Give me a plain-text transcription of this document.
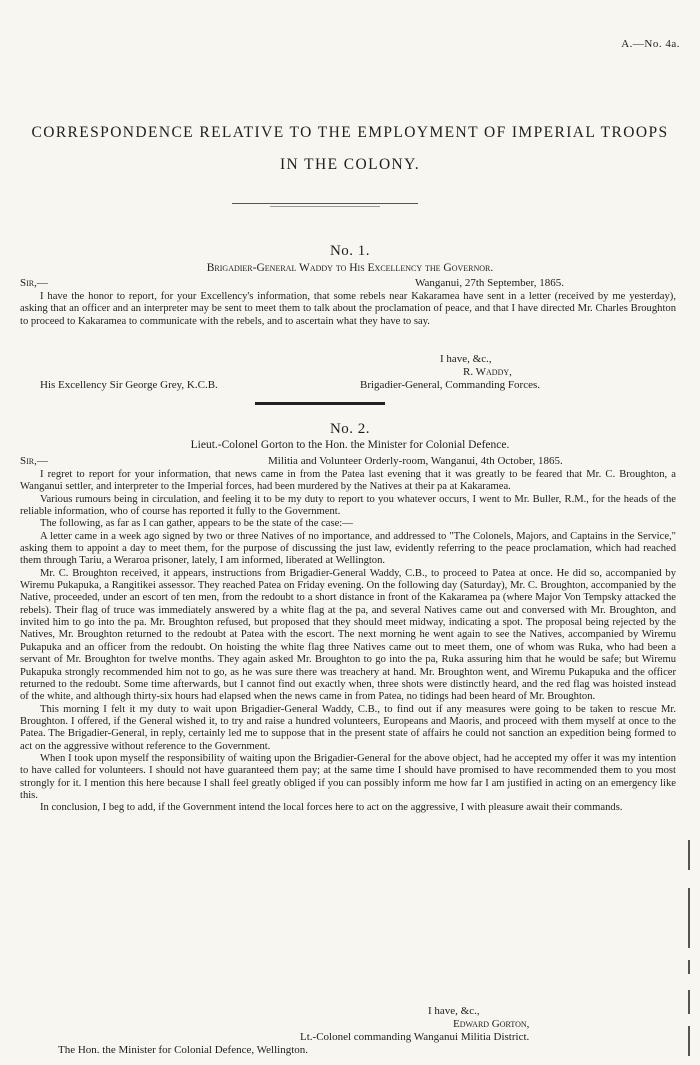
A.—No. 4a.
CORRESPONDENCE RELATIVE TO THE EMPLOYMENT OF IMPERIAL TROOPS IN THE COLONY.
No. 1.
Brigadier-General Waddy to His Excellency the Governor.
Sir,—	Wanganui, 27th September, 1865.

I have the honor to report, for your Excellency's information, that some rebels near Kakaramea have sent in a letter (received by me yesterday), asking that an officer and an interpreter may be sent to meet them to talk about the proclamation of peace, and that I have directed Mr. Charles Broughton to proceed to Kakaramea to communicate with the rebels, and to ascertain what they have to say.

I have, &c.,
R. Waddy,
Brigadier-General, Commanding Forces.
His Excellency Sir George Grey, K.C.B.
No. 2.
Lieut.-Colonel Gorton to the Hon. the Minister for Colonial Defence.
Sir,—	Militia and Volunteer Orderly-room, Wanganui, 4th October, 1865.

I regret to report for your information, that news came in from the Patea last evening that it was greatly to be feared that Mr. C. Broughton, a Wanganui settler, and interpreter to the Imperial forces, had been murdered by the Natives at their pa at Kakaramea.

Various rumours being in circulation, and feeling it to be my duty to report to you whatever occurs, I went to Mr. Buller, R.M., for the heads of the reliable information, who of course has reported it fully to the Government.

The following, as far as I can gather, appears to be the state of the case:—

A letter came in a week ago signed by two or three Natives of no importance, and addressed to "The Colonels, Majors, and Captains in the Service," asking them to appoint a day to meet them, for the purpose of discussing the just law, evidently referring to the peace proclamation, which had reached them through Tariu, a Weraroa prisoner, lately, I am informed, liberated at Wellington.

Mr. C. Broughton received, it appears, instructions from Brigadier-General Waddy, C.B., to proceed to Patea at once. He did so, accompanied by Wiremu Pukapuka, a Rangitikei assessor. They reached Patea on Friday evening. On the following day (Saturday), Mr. C. Broughton, accompanied by the Native, proceeded, under an escort of ten men, from the redoubt to a short distance in front of the Kakaramea pa (where Major Von Tempsky attacked the rebels). Their flag of truce was immediately answered by a white flag at the pa, and several Natives came out and conversed with Mr. Broughton, and invited him to go into the pa. Mr. Broughton refused, but proposed that they should meet midway, indicating a spot. The proposal being rejected by the Natives, Mr. Broughton returned to the redoubt at Patea with the escort. The next morning he went again to see the Natives, accompanied by Wiremu Pukapuka and an officer from the redoubt. On hoisting the white flag three Natives came out to meet them, one of whom was Ruka, who had been a servant of Mr. Broughton for twelve months. They again asked Mr. Broughton to go into the pa, Ruka assuring him that he would be safe; but Wiremu Pukapuka strongly recommended him not to go, as he was sure there was treachery at hand. Mr. Broughton went, and Wiremu Pukapuka and the officer returned to the redoubt. Some time afterwards, but I cannot find out exactly when, three shots were distinctly heard, and the red flag was hoisted instead of the white, and although thirty-six hours had elapsed when the news came in from Patea, no tidings had been heard of Mr. Broughton.

This morning I felt it my duty to wait upon Brigadier-General Waddy, C.B., to find out if any measures were going to be taken to rescue Mr. Broughton. I offered, if the General wished it, to try and raise a hundred volunteers, Europeans and Maoris, and proceed with them myself at once to the Patea. The Brigadier-General, in reply, certainly led me to suppose that in the present state of affairs he could not sanction an expedition being formed to act on the aggressive without reference to the Government.

When I took upon myself the responsibility of waiting upon the Brigadier-General for the above object, had he accepted my offer it was my intention to have called for volunteers. I should not have guaranteed them pay; at the same time I should have promised to have recommended them to you most strongly for it. I mention this here because I shall feel greatly obliged if you can possibly inform me how far I am justified in acting on an emergency like this.

In conclusion, I beg to add, if the Government intend the local forces here to act on the aggressive, I with pleasure await their commands.

I have, &c.,
Edward Gorton,
Lt.-Colonel commanding Wanganui Militia District.
The Hon. the Minister for Colonial Defence, Wellington.
